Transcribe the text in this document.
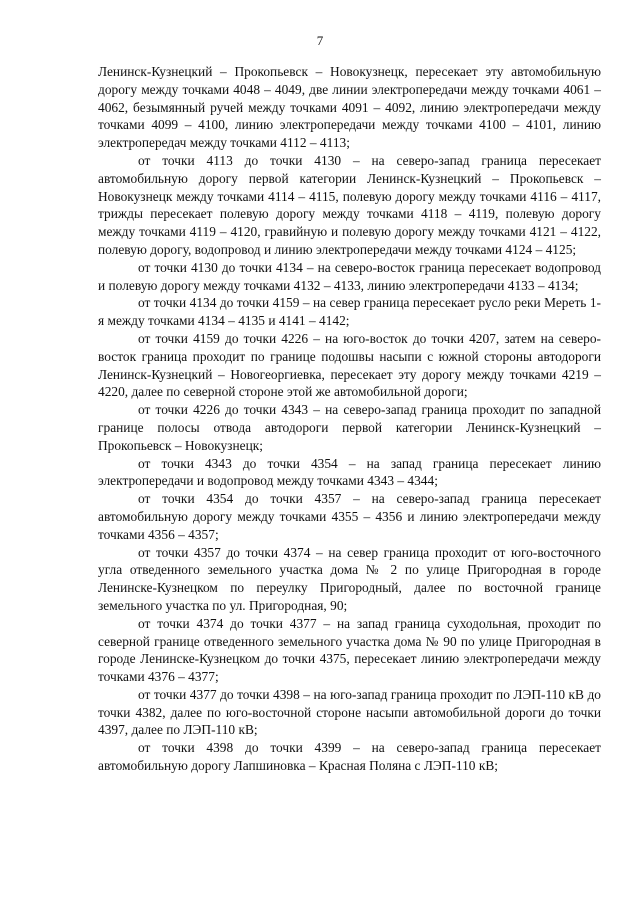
7

Ленинск-Кузнецкий – Прокопьевск – Новокузнецк, пересекает эту автомобильную дорогу между точками 4048 – 4049, две линии электропередачи между точками 4061 – 4062, безымянный ручей между точками 4091 – 4092, линию электропередачи между точками 4099 – 4100, линию электропередачи между точками 4100 – 4101, линию электропередач между точками 4112 – 4113;

от точки 4113 до точки 4130 – на северо-запад граница пересекает автомобильную дорогу первой категории Ленинск-Кузнецкий – Прокопьевск – Новокузнецк между точками 4114 – 4115, полевую дорогу между точками 4116 – 4117, трижды пересекает полевую дорогу между точками 4118 – 4119, полевую дорогу между точками 4119 – 4120, гравийную и полевую дорогу между точками 4121 – 4122, полевую дорогу, водопровод и линию электропередачи между точками 4124 – 4125;

от точки 4130 до точки 4134 – на северо-восток граница пересекает водопровод и полевую дорогу между точками 4132 – 4133, линию электропередачи 4133 – 4134;

от точки 4134 до точки 4159 – на север граница пересекает русло реки Мереть 1-я между точками 4134 – 4135 и 4141 – 4142;

от точки 4159 до точки 4226 – на юго-восток до точки 4207, затем на северо-восток граница проходит по границе подошвы насыпи с южной стороны автодороги Ленинск-Кузнецкий – Новогеоргиевка, пересекает эту дорогу между точками 4219 – 4220, далее по северной стороне этой же автомобильной дороги;

от точки 4226 до точки 4343 – на северо-запад граница проходит по западной границе полосы отвода автодороги первой категории Ленинск-Кузнецкий – Прокопьевск – Новокузнецк;

от точки 4343 до точки 4354 – на запад граница пересекает линию электропередачи и водопровод между точками 4343 – 4344;

от точки 4354 до точки 4357 – на северо-запад граница пересекает автомобильную дорогу между точками 4355 – 4356 и линию электропередачи между точками 4356 – 4357;

от точки 4357 до точки 4374 – на север граница проходит от юго-восточного угла отведенного земельного участка дома № 2 по улице Пригородная в городе Ленинске-Кузнецком по переулку Пригородный, далее по восточной границе земельного участка по ул. Пригородная, 90;

от точки 4374 до точки 4377 – на запад граница суходольная, проходит по северной границе отведенного земельного участка дома № 90 по улице Пригородная в городе Ленинске-Кузнецком до точки 4375, пересекает линию электропередачи между точками 4376 – 4377;

от точки 4377 до точки 4398 – на юго-запад граница проходит по ЛЭП-110 кВ до точки 4382, далее по юго-восточной стороне насыпи автомобильной дороги до точки 4397, далее по ЛЭП-110 кВ;

от точки 4398 до точки 4399 – на северо-запад граница пересекает автомобильную дорогу Лапшиновка – Красная Поляна с ЛЭП-110 кВ;
